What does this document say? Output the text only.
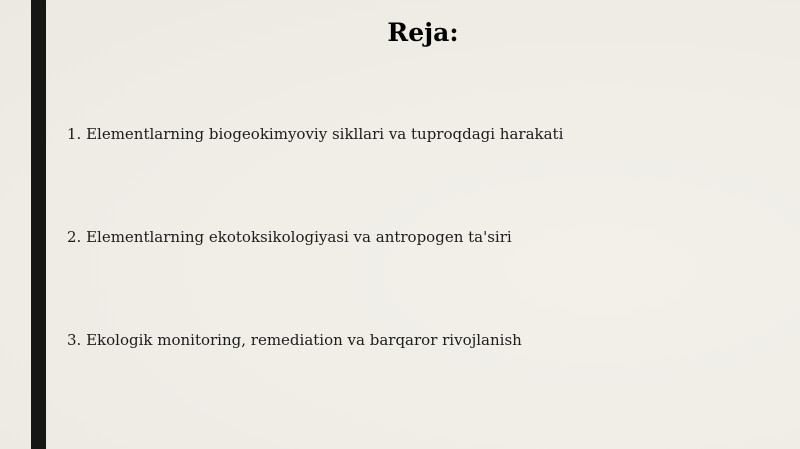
Reja:
1. Elementlarning biogeokimyoviy sikllari va tuproqdagi harakati
2. Elementlarning ekotoksikologiyasi va antropogen ta'siri
3. Ekologik monitoring, remediation va barqaror rivojlanish
